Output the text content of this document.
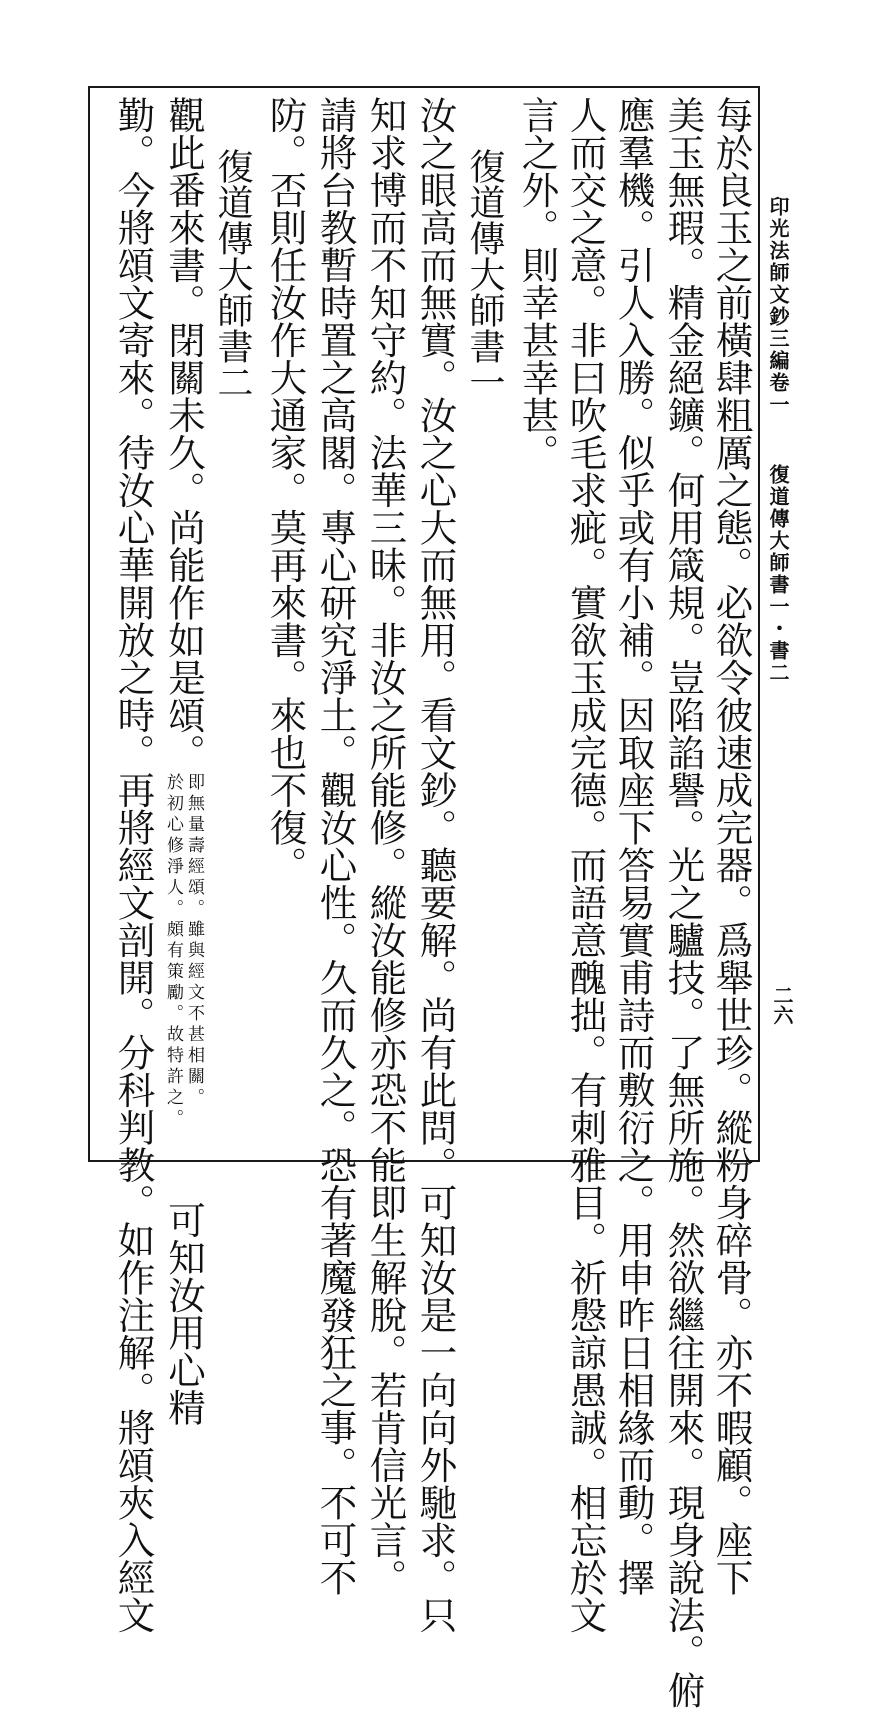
印光法師文鈔三編卷一
復道傳大師書一・書二
二六
每於良玉之前橫肆粗厲之態。必欲令彼速成完器。爲舉世珍。縱粉身碎骨。亦不暇顧。座下
美玉無瑕。精金絕鑛。何用箴規。豈陷諂譽。光之驢技。了無所施。然欲繼往開來。現身說法。俯
應羣機。引人入勝。似乎或有小補。因取座下答易實甫詩而敷衍之。用申昨日相緣而動。擇
人而交之意。非曰吹毛求疵。實欲玉成完德。而語意醜拙。有刺雅目。祈慇諒愚誠。相忘於文
言之外。則幸甚幸甚。
復道傳大師書一
汝之眼高而無實。汝之心大而無用。看文鈔。聽要解。尚有此問。可知汝是一向向外馳求。只
知求博而不知守約。法華三昧。非汝之所能修。縱汝能修亦恐不能即生解脫。若肯信光言。
請將台教暫時置之高閣。專心研究淨土。觀汝心性。久而久之。恐有著魔發狂之事。不可不
防。否則任汝作大通家。莫再來書。來也不復。
復道傳大師書二
觀此番來書。閉關未久。尚能作如是頌。
即無量壽經頌。雖與經文不甚相關。
於初心修淨人。頗有策勵。故特許之。
可知汝用心精
勤。今將頌文寄來。待汝心華開放之時。再將經文剖開。分科判教。如作注解。將頌夾入經文
